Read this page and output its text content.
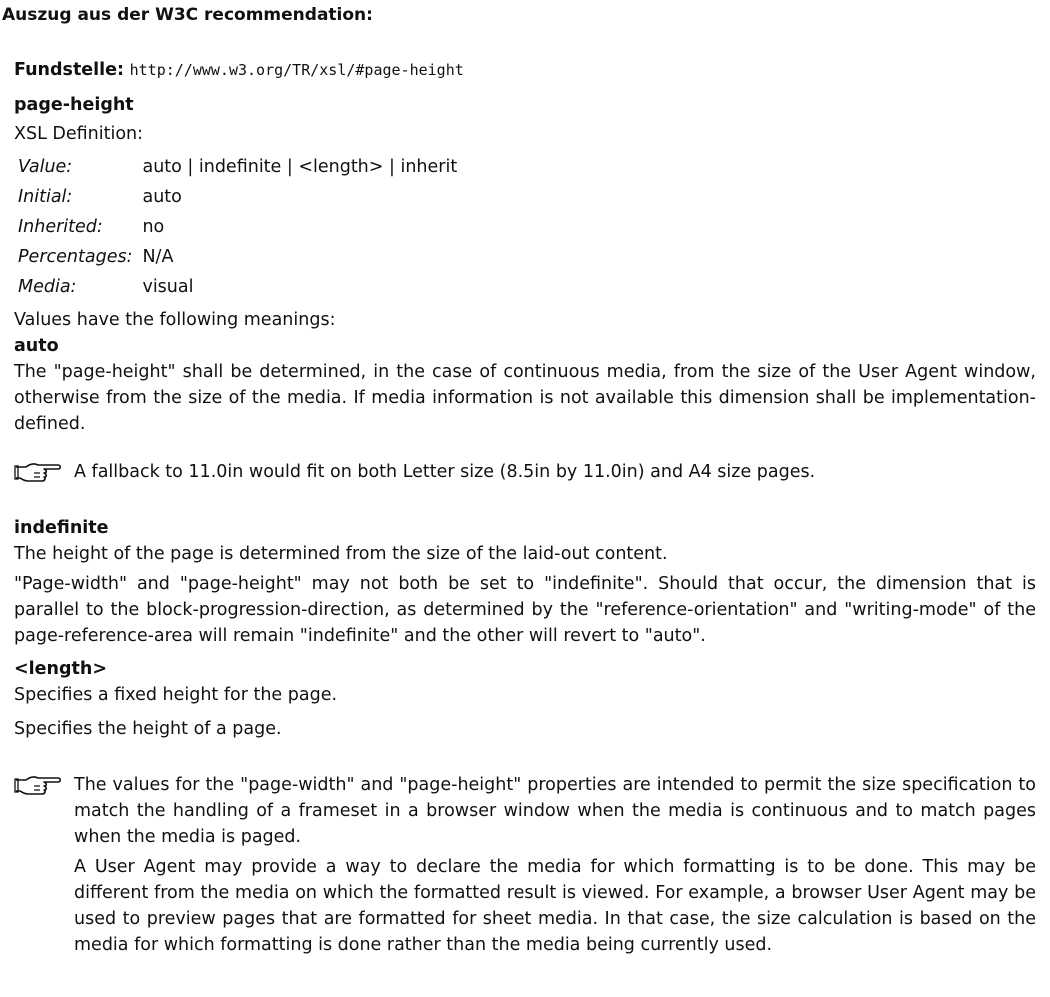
Auszug aus der W3C recommendation:
Fundstelle: http://www.w3.org/TR/xsl/#page-height
page-height
XSL Definition:
Value:	auto | indefinite | <length> | inherit
Initial:	auto
Inherited:	no
Percentages:	N/A
Media:	visual
Values have the following meanings:
auto

The "page-height" shall be determined, in the case of continuous media, from the size of the User Agent window, otherwise from the size of the media. If media information is not available this dimension shall be implementation-defined.

A fallback to 11.0in would fit on both Letter size (8.5in by 11.0in) and A4 size pages.

indefinite

The height of the page is determined from the size of the laid-out content.

"Page-width" and "page-height" may not both be set to "indefinite". Should that occur, the dimension that is parallel to the block-progression-direction, as determined by the "reference-orientation" and "writing-mode" of the page-reference-area will remain "indefinite" and the other will revert to "auto".

<length>

Specifies a fixed height for the page.

Specifies the height of a page.

The values for the "page-width" and "page-height" properties are intended to permit the size specification to match the handling of a frameset in a browser window when the media is continuous and to match pages when the media is paged.

A User Agent may provide a way to declare the media for which formatting is to be done. This may be different from the media on which the formatted result is viewed. For example, a browser User Agent may be used to preview pages that are formatted for sheet media. In that case, the size calculation is based on the media for which formatting is done rather than the media being currently used.
